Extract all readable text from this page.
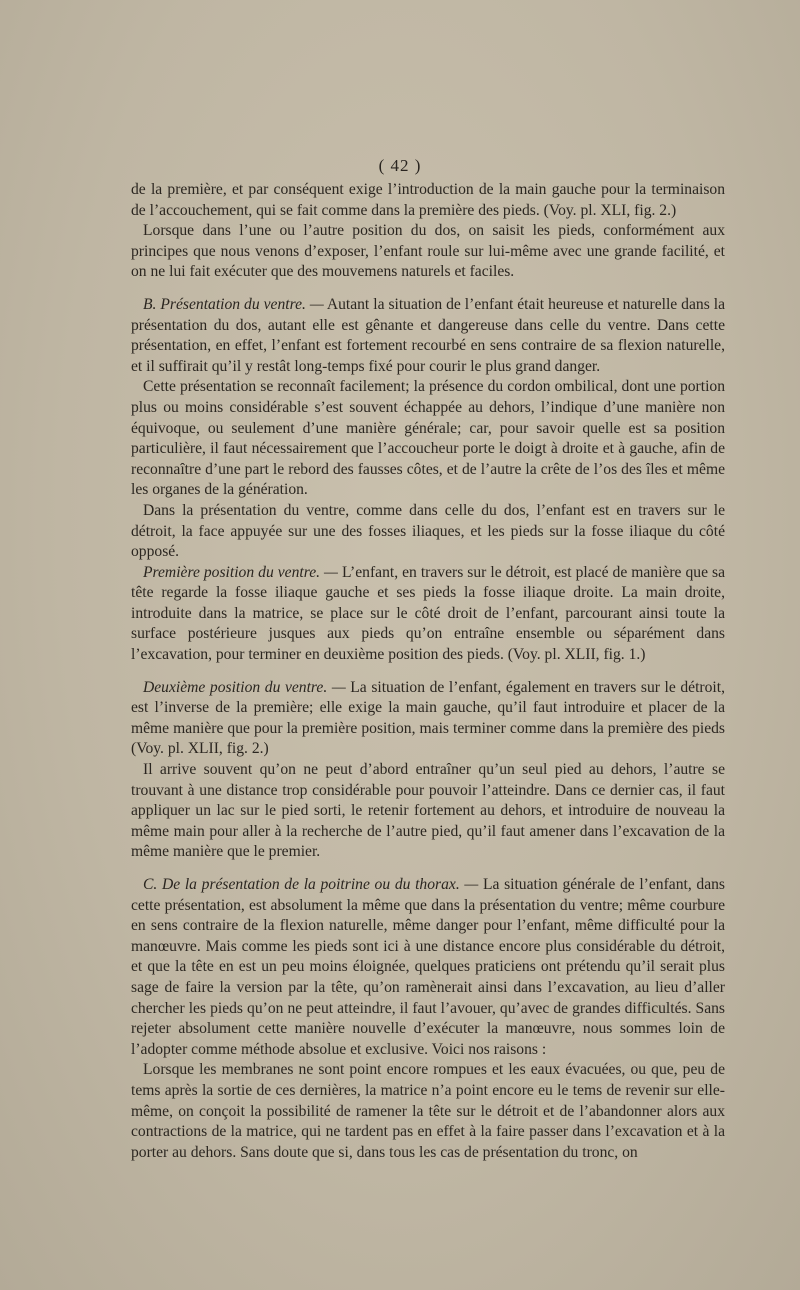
( 42 )

de la première, et par conséquent exige l’introduction de la main gauche pour la terminaison de l’accouchement, qui se fait comme dans la première des pieds. (Voy. pl. XLI, fig. 2.)

Lorsque dans l’une ou l’autre position du dos, on saisit les pieds, conformément aux principes que nous venons d’exposer, l’enfant roule sur lui-même avec une grande facilité, et on ne lui fait exécuter que des mouvemens naturels et faciles.

B. Présentation du ventre. — Autant la situation de l’enfant était heureuse et naturelle dans la présentation du dos, autant elle est gênante et dangereuse dans celle du ventre. Dans cette présentation, en effet, l’enfant est fortement recourbé en sens contraire de sa flexion naturelle, et il suffirait qu’il y restât long-temps fixé pour courir le plus grand danger.

Cette présentation se reconnaît facilement; la présence du cordon ombilical, dont une portion plus ou moins considérable s’est souvent échappée au dehors, l’indique d’une manière non équivoque, ou seulement d’une manière générale; car, pour savoir quelle est sa position particulière, il faut nécessairement que l’accoucheur porte le doigt à droite et à gauche, afin de reconnaître d’une part le rebord des fausses côtes, et de l’autre la crête de l’os des îles et même les organes de la génération.

Dans la présentation du ventre, comme dans celle du dos, l’enfant est en travers sur le détroit, la face appuyée sur une des fosses iliaques, et les pieds sur la fosse iliaque du côté opposé.

Première position du ventre. — L’enfant, en travers sur le détroit, est placé de manière que sa tête regarde la fosse iliaque gauche et ses pieds la fosse iliaque droite. La main droite, introduite dans la matrice, se place sur le côté droit de l’enfant, parcourant ainsi toute la surface postérieure jusques aux pieds qu’on entraîne ensemble ou séparément dans l’excavation, pour terminer en deuxième position des pieds. (Voy. pl. XLII, fig. 1.)

Deuxième position du ventre. — La situation de l’enfant, également en travers sur le détroit, est l’inverse de la première; elle exige la main gauche, qu’il faut introduire et placer de la même manière que pour la première position, mais terminer comme dans la première des pieds (Voy. pl. XLII, fig. 2.)

Il arrive souvent qu’on ne peut d’abord entraîner qu’un seul pied au dehors, l’autre se trouvant à une distance trop considérable pour pouvoir l’atteindre. Dans ce dernier cas, il faut appliquer un lac sur le pied sorti, le retenir fortement au dehors, et introduire de nouveau la même main pour aller à la recherche de l’autre pied, qu’il faut amener dans l’excavation de la même manière que le premier.

C. De la présentation de la poitrine ou du thorax. — La situation générale de l’enfant, dans cette présentation, est absolument la même que dans la présentation du ventre; même courbure en sens contraire de la flexion naturelle, même danger pour l’enfant, même difficulté pour la manœuvre. Mais comme les pieds sont ici à une distance encore plus considérable du détroit, et que la tête en est un peu moins éloignée, quelques praticiens ont prétendu qu’il serait plus sage de faire la version par la tête, qu’on ramènerait ainsi dans l’excavation, au lieu d’aller chercher les pieds qu’on ne peut atteindre, il faut l’avouer, qu’avec de grandes difficultés. Sans rejeter absolument cette manière nouvelle d’exécuter la manœuvre, nous sommes loin de l’adopter comme méthode absolue et exclusive. Voici nos raisons :

Lorsque les membranes ne sont point encore rompues et les eaux évacuées, ou que, peu de tems après la sortie de ces dernières, la matrice n’a point encore eu le tems de revenir sur elle-même, on conçoit la possibilité de ramener la tête sur le détroit et de l’abandonner alors aux contractions de la matrice, qui ne tardent pas en effet à la faire passer dans l’excavation et à la porter au dehors. Sans doute que si, dans tous les cas de présentation du tronc, on
